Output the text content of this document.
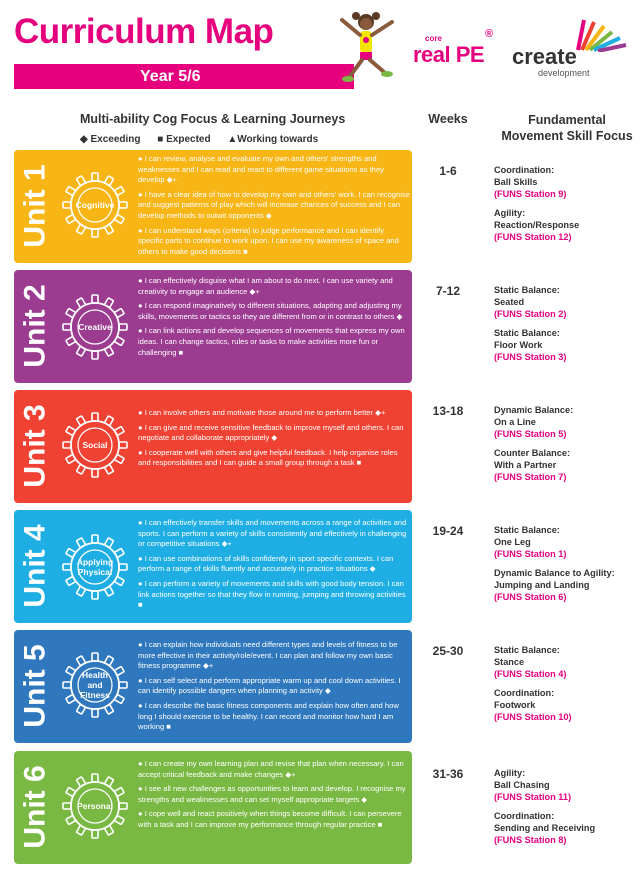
Curriculum Map
Year 5/6
core
real PE
®
create
development
Multi-ability Cog Focus & Learning Journeys	Weeks	Fundamental
Movement Skill Focus
◆ Exceeding ■ Expected ▲Working towards
Unit 1	Cognitive

● I can review, analyse and evaluate my own and others' strengths and weaknesses and I can read and react to different game situations as they develop ◆+

● I have a clear idea of how to develop my own and others' work. I can recognise and suggest patterns of play which will increase chances of success and I can develop methods to outwit opponents ◆

● I can understand ways (criteria) to judge performance and I can identify specific parts to continue to work upon. I can use my awareness of space and others to make good decisions ■

1-6	Coordination:
Ball Skills
(FUNS Station 9)
Agility:
Reaction/Response
(FUNS Station 12)
Unit 2	Creative

● I can effectively disguise what I am about to do next. I can use variety and creativity to engage an audience ◆+

● I can respond imaginatively to different situations, adapting and adjusting my skills, movements or tactics so they are different from or in contrast to others ◆

● I can link actions and develop sequences of movements that express my own ideas. I can change tactics, rules or tasks to make activities more fun or challenging ■

7-12	Static Balance:
Seated
(FUNS Station 2)
Static Balance:
Floor Work
(FUNS Station 3)
Unit 3	Social

● I can involve others and motivate those around me to perform better ◆+

● I can give and receive sensitive feedback to improve myself and others. I can negotiate and collaborate appropriately ◆

● I cooperate well with others and give helpful feedback. I help organise roles and responsibilities and I can guide a small group through a task ■

13-18	Dynamic Balance:
On a Line
(FUNS Station 5)
Counter Balance:
With a Partner
(FUNS Station 7)
Unit 4	Applying
Physical

● I can effectively transfer skills and movements across a range of activities and sports. I can perform a variety of skills consistently and effectively in challenging or competitive situations ◆+

● I can use combinations of skills confidently in sport specific contexts. I can perform a range of skills fluently and accurately in practice situations ◆

● I can perform a variety of movements and skills with good body tension. I can link actions together so that they flow in running, jumping and throwing activities ■

19-24	Static Balance:
One Leg
(FUNS Station 1)
Dynamic Balance to Agility:
Jumping and Landing
(FUNS Station 6)
Unit 5	Health
and
Fitness

● I can explain how individuals need different types and levels of fitness to be more effective in their activity/role/event. I can plan and follow my own basic fitness programme ◆+

● I can self select and perform appropriate warm up and cool down activities. I can identify possible dangers when planning an activity ◆

● I can describe the basic fitness components and explain how often and how long I should exercise to be healthy. I can record and monitor how hard I am working ■

25-30	Static Balance:
Stance
(FUNS Station 4)
Coordination:
Footwork
(FUNS Station 10)
Unit 6	Personal

● I can create my own learning plan and revise that plan when necessary. I can accept critical feedback and make changes ◆+

● I see all new challenges as opportunities to learn and develop. I recognise my strengths and weaknesses and can set myself appropriate targets ◆

● I cope well and react positively when things become difficult. I can persevere with a task and I can improve my performance through regular practice ■

31-36	Agility:
Ball Chasing
(FUNS Station 11)
Coordination:
Sending and Receiving
(FUNS Station 8)
